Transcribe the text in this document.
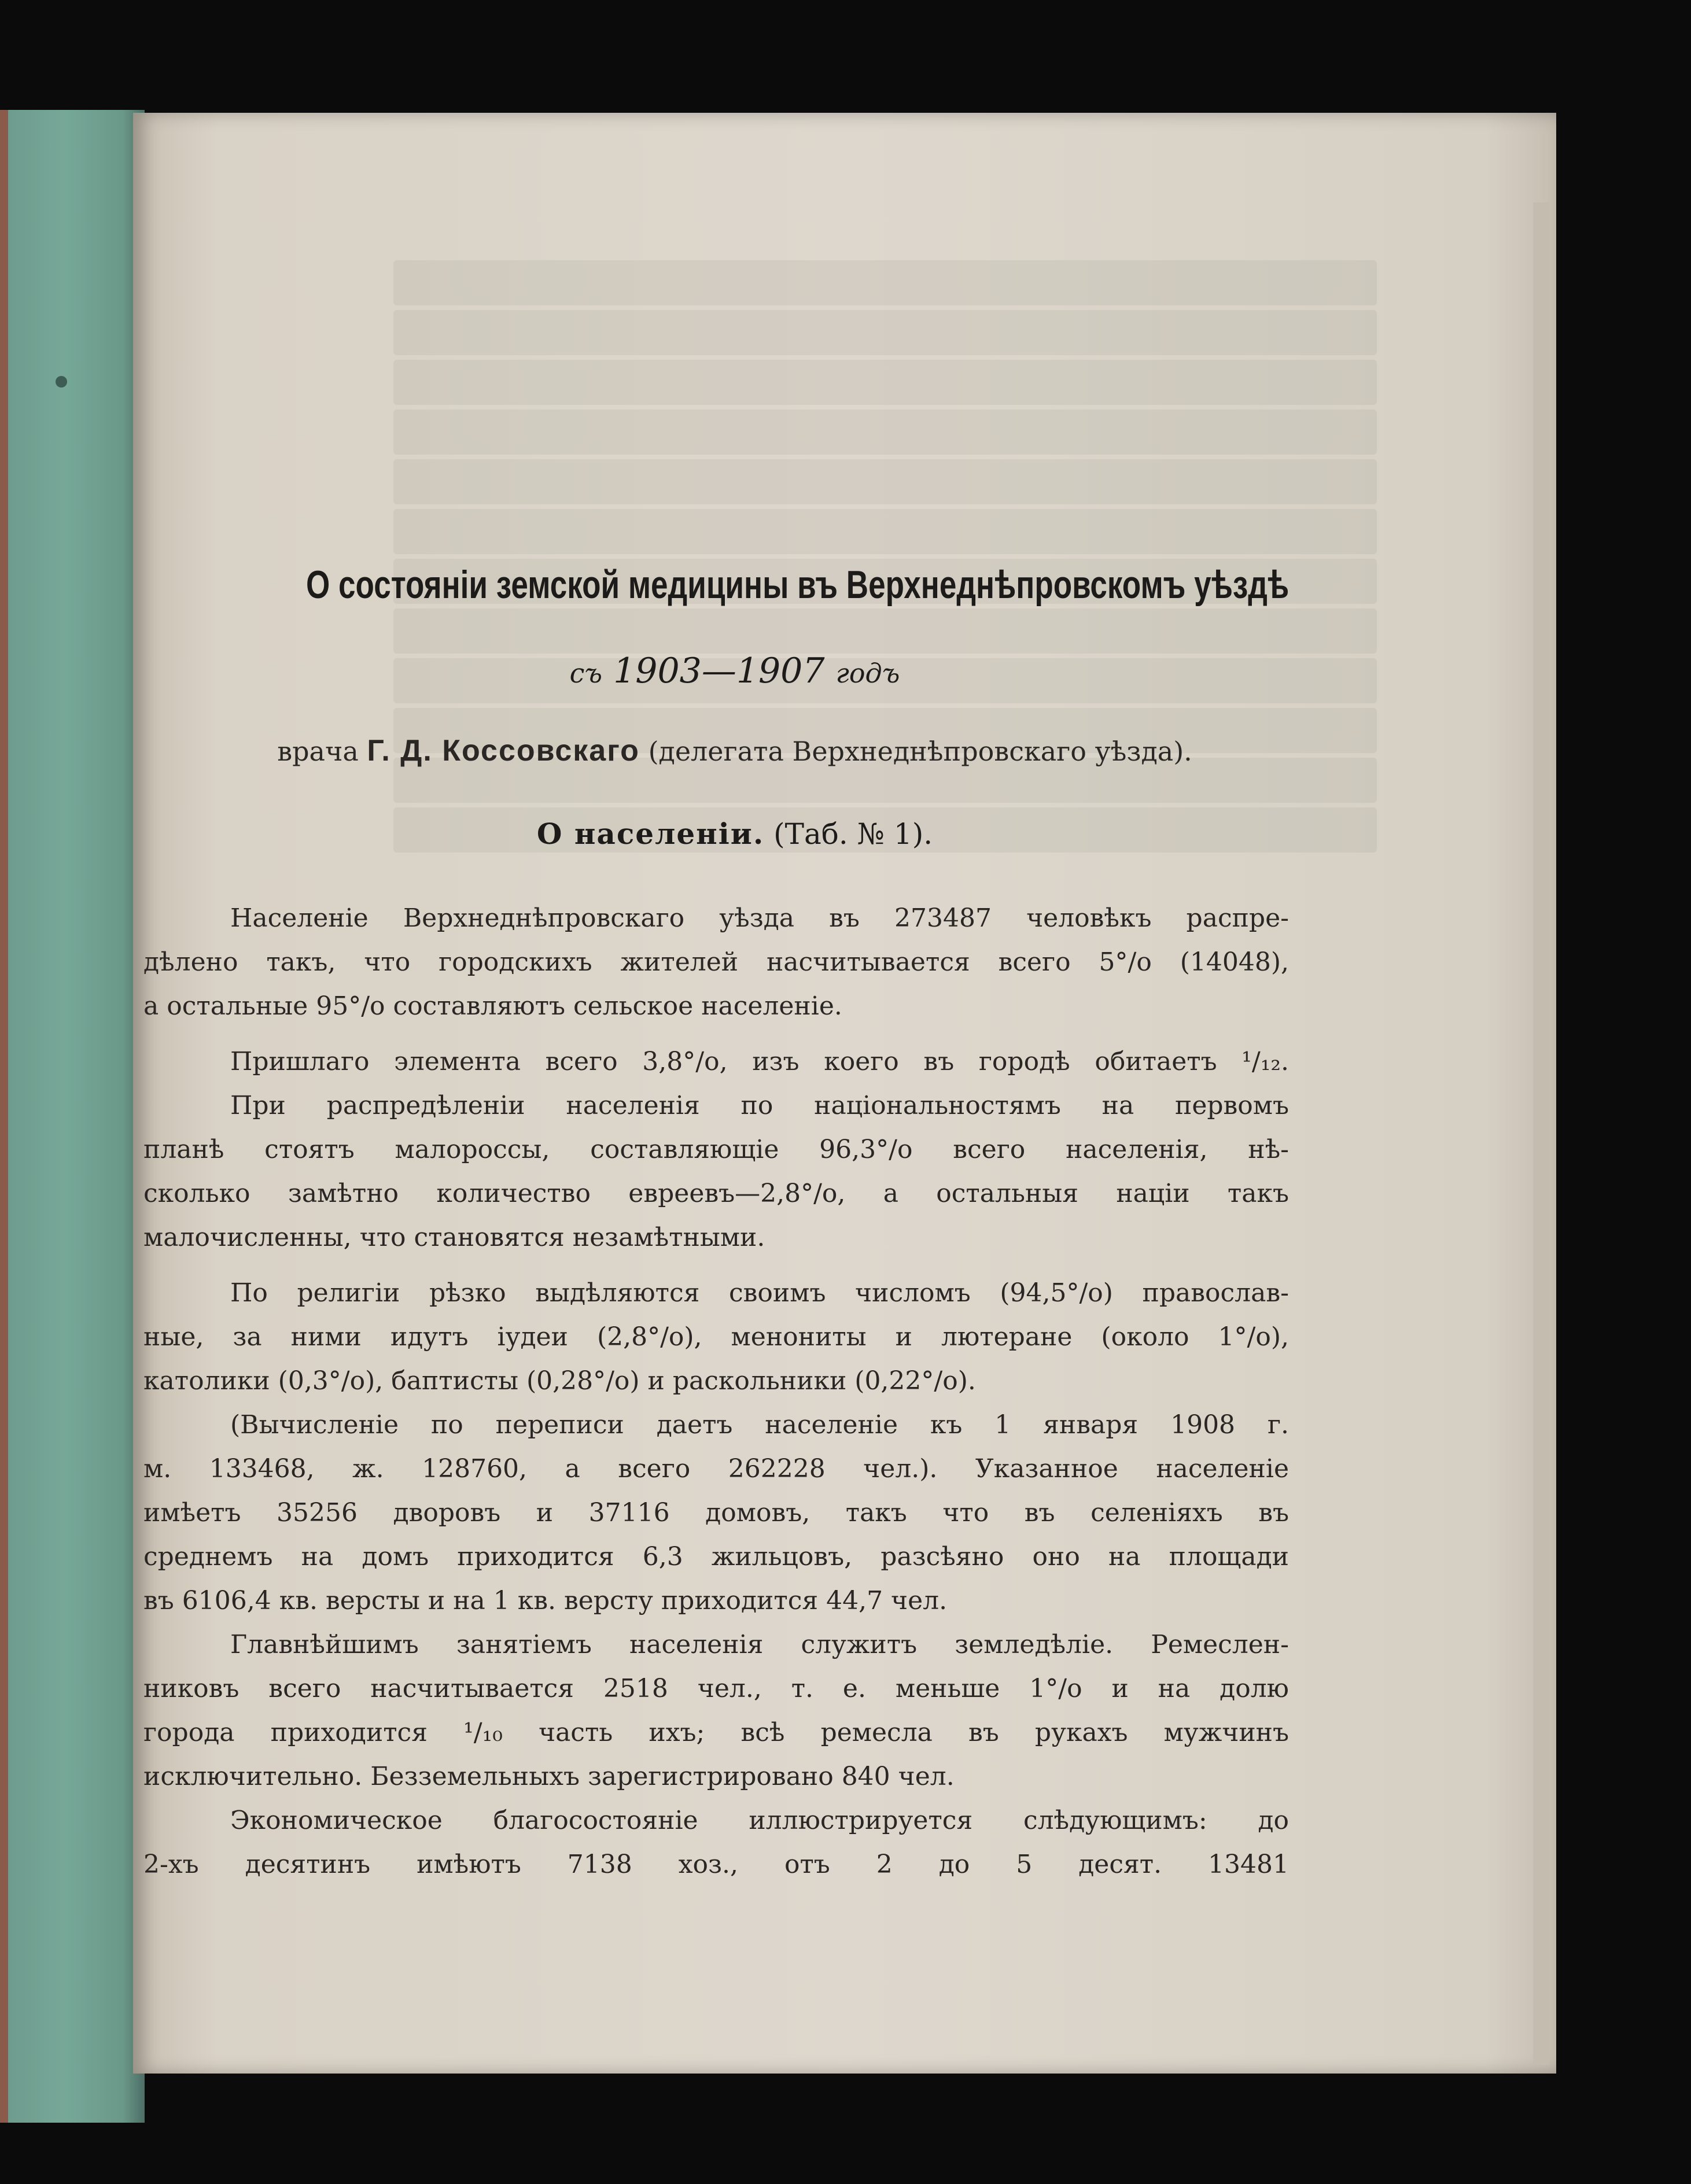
О состоянiи земской медицины въ Верхнеднѣпровскомъ уѣздѣ
съ 1903—1907 годъ
врача Г. Д. Коссовскаго (делегата Верхнеднѣпровскаго уѣзда).
О населенiи. (Таб. № 1).
Населенiе Верхнеднѣпровскаго уѣзда въ 273487 человѣкъ распре-
дѣлено такъ, что городскихъ жителей насчитывается всего 5°/о (14048),
а остальные 95°/о составляютъ сельское населенiе.
Пришлаго элемента всего 3,8°/о, изъ коего въ городѣ обитаетъ ¹/₁₂.
При распредѣленiи населенiя по нацiональностямъ на первомъ
планѣ стоятъ малороссы, составляющiе 96,3°/о всего населенiя, нѣ-
сколько замѣтно количество евреевъ—2,8°/о, а остальныя нацiи такъ
малочисленны, что становятся незамѣтными.
По религiи рѣзко выдѣляются своимъ числомъ (94,5°/о) православ-
ные, за ними идутъ iудеи (2,8°/о), менониты и лютеране (около 1°/о),
католики (0,3°/о), баптисты (0,28°/о) и раскольники (0,22°/о).
(Вычисленiе по переписи даетъ населенiе къ 1 января 1908 г.
м. 133468, ж. 128760, а всего 262228 чел.). Указанное населенiе
имѣетъ 35256 дворовъ и 37116 домовъ, такъ что въ селенiяхъ въ
среднемъ на домъ приходится 6,3 жильцовъ, разсѣяно оно на площади
въ 6106,4 кв. версты и на 1 кв. версту приходится 44,7 чел.
Главнѣйшимъ занятiемъ населенiя служитъ земледѣлiе. Ремеслен-
никовъ всего насчитывается 2518 чел., т. е. меньше 1°/о и на долю
города приходится ¹/₁₀ часть ихъ; всѣ ремесла въ рукахъ мужчинъ
исключительно. Безземельныхъ зарегистрировано 840 чел.
Экономическое благосостоянiе иллюстрируется слѣдующимъ: до
2-хъ десятинъ имѣютъ 7138 хоз., отъ 2 до 5 десят. 13481
